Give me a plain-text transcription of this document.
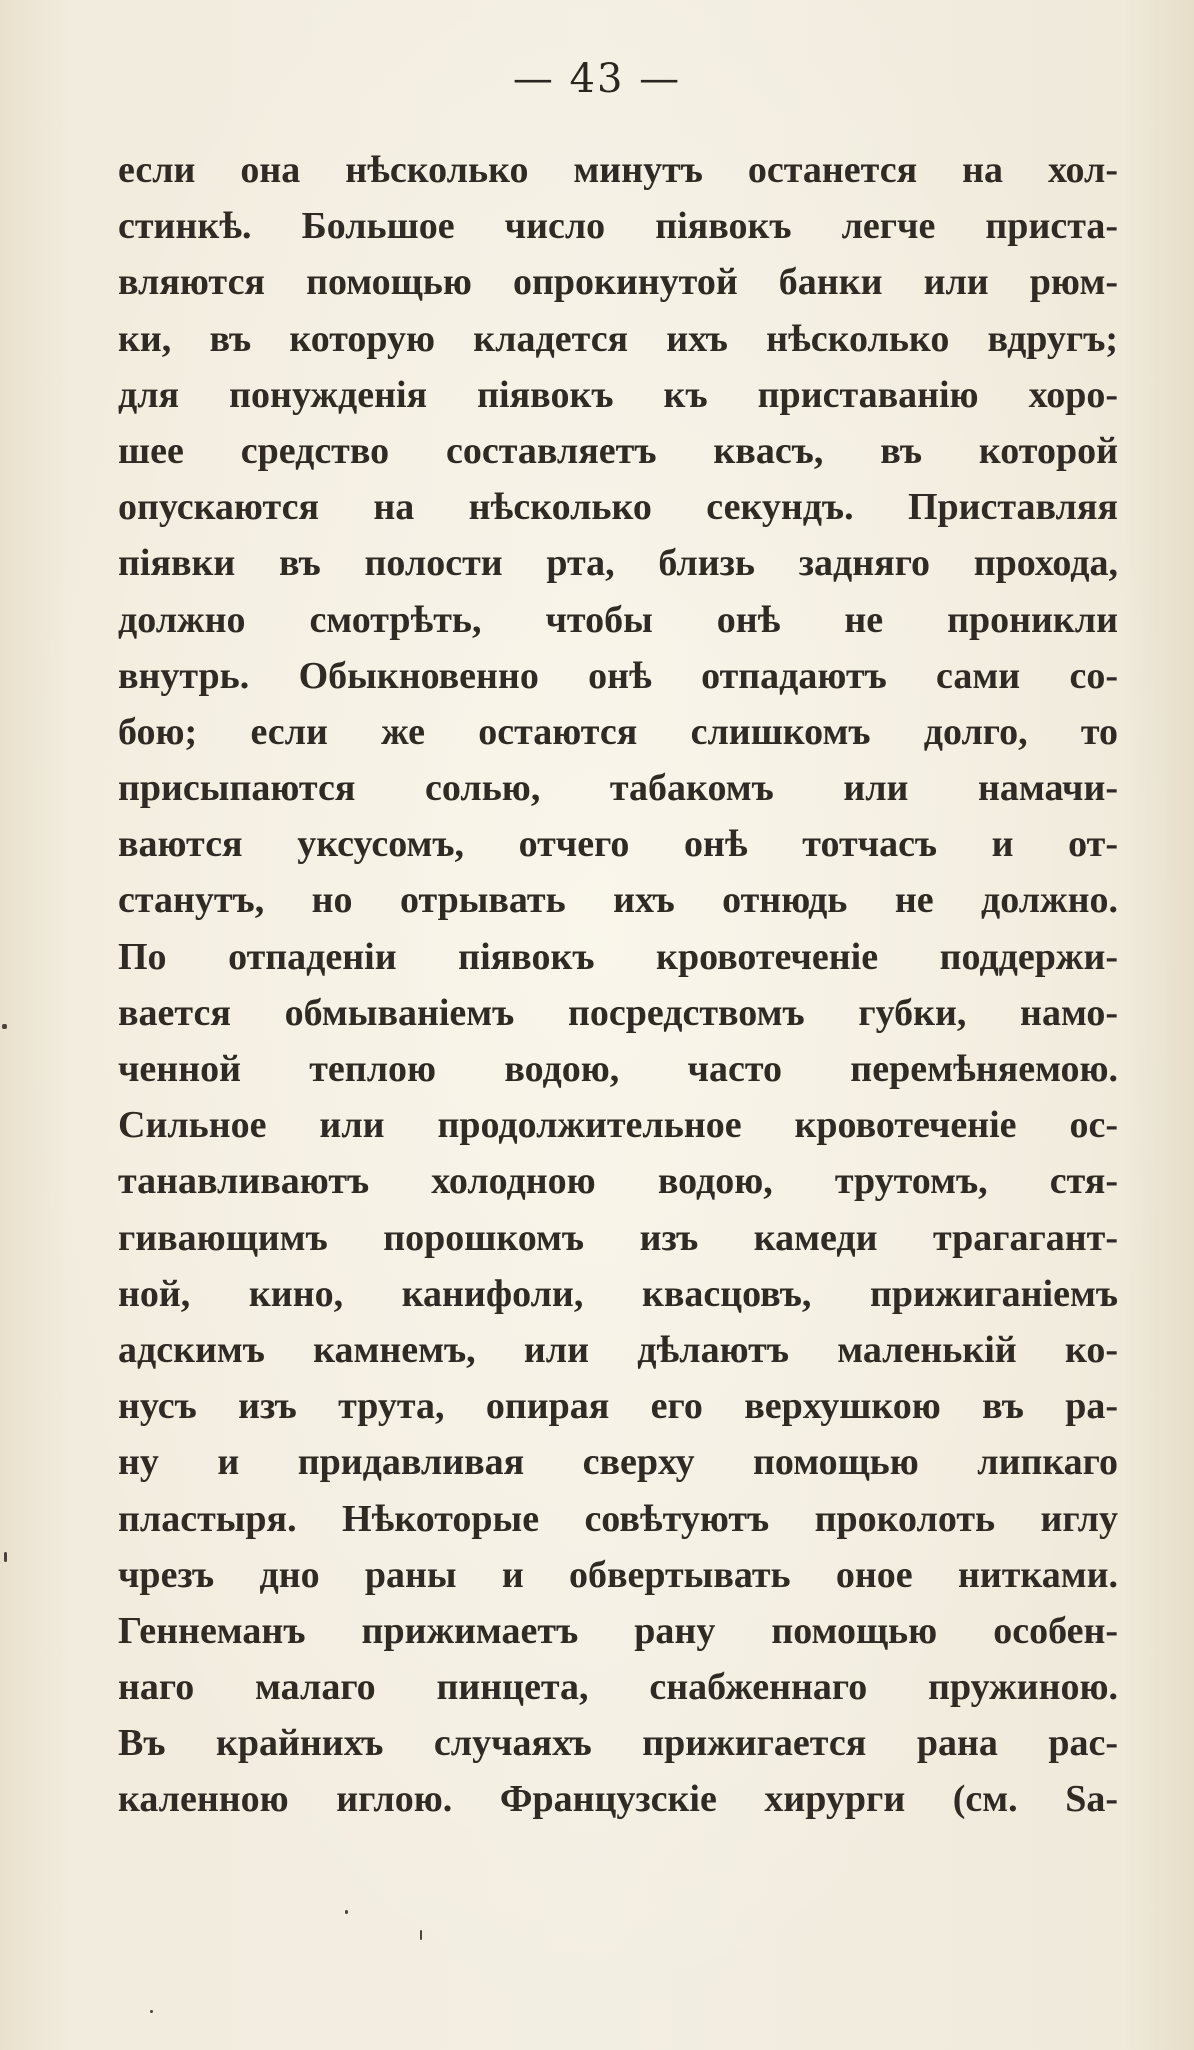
— 43 —
если она нѣсколько минутъ останется на хол-
стинкѣ. Большое число піявокъ легче приста-
вляются помощью опрокинутой банки или рюм-
ки, въ которую кладется ихъ нѣсколько вдругъ;
для понужденія піявокъ къ приставанію хоро-
шее средство составляетъ квасъ, въ которой
опускаются на нѣсколько секундъ. Приставляя
піявки въ полости рта, близь задняго прохода,
должно смотрѣть, чтобы онѣ не проникли
внутрь. Обыкновенно онѣ отпадаютъ сами со-
бою; если же остаются слишкомъ долго, то
присыпаются солью, табакомъ или намачи-
ваются уксусомъ, отчего онѣ тотчасъ и от-
станутъ, но отрывать ихъ отнюдь не должно.
По отпаденіи піявокъ кровотеченіе поддержи-
вается обмываніемъ посредствомъ губки, намо-
ченной теплою водою, часто перемѣняемою.
Сильное или продолжительное кровотеченіе ос-
танавливаютъ холодною водою, трутомъ, стя-
гивающимъ порошкомъ изъ камеди трагагант-
ной, кино, канифоли, квасцовъ, прижиганіемъ
адскимъ камнемъ, или дѣлаютъ маленькій ко-
нусъ изъ трута, опирая его верхушкою въ ра-
ну и придавливая сверху помощью липкаго
пластыря. Нѣкоторые совѣтуютъ проколоть иглу
чрезъ дно раны и обвертывать оное нитками.
Геннеманъ прижимаетъ рану помощью особен-
наго малаго пинцета, снабженнаго пружиною.
Въ крайнихъ случаяхъ прижигается рана рас-
каленною иглою. Французскіе хирурги (см. Sa-
